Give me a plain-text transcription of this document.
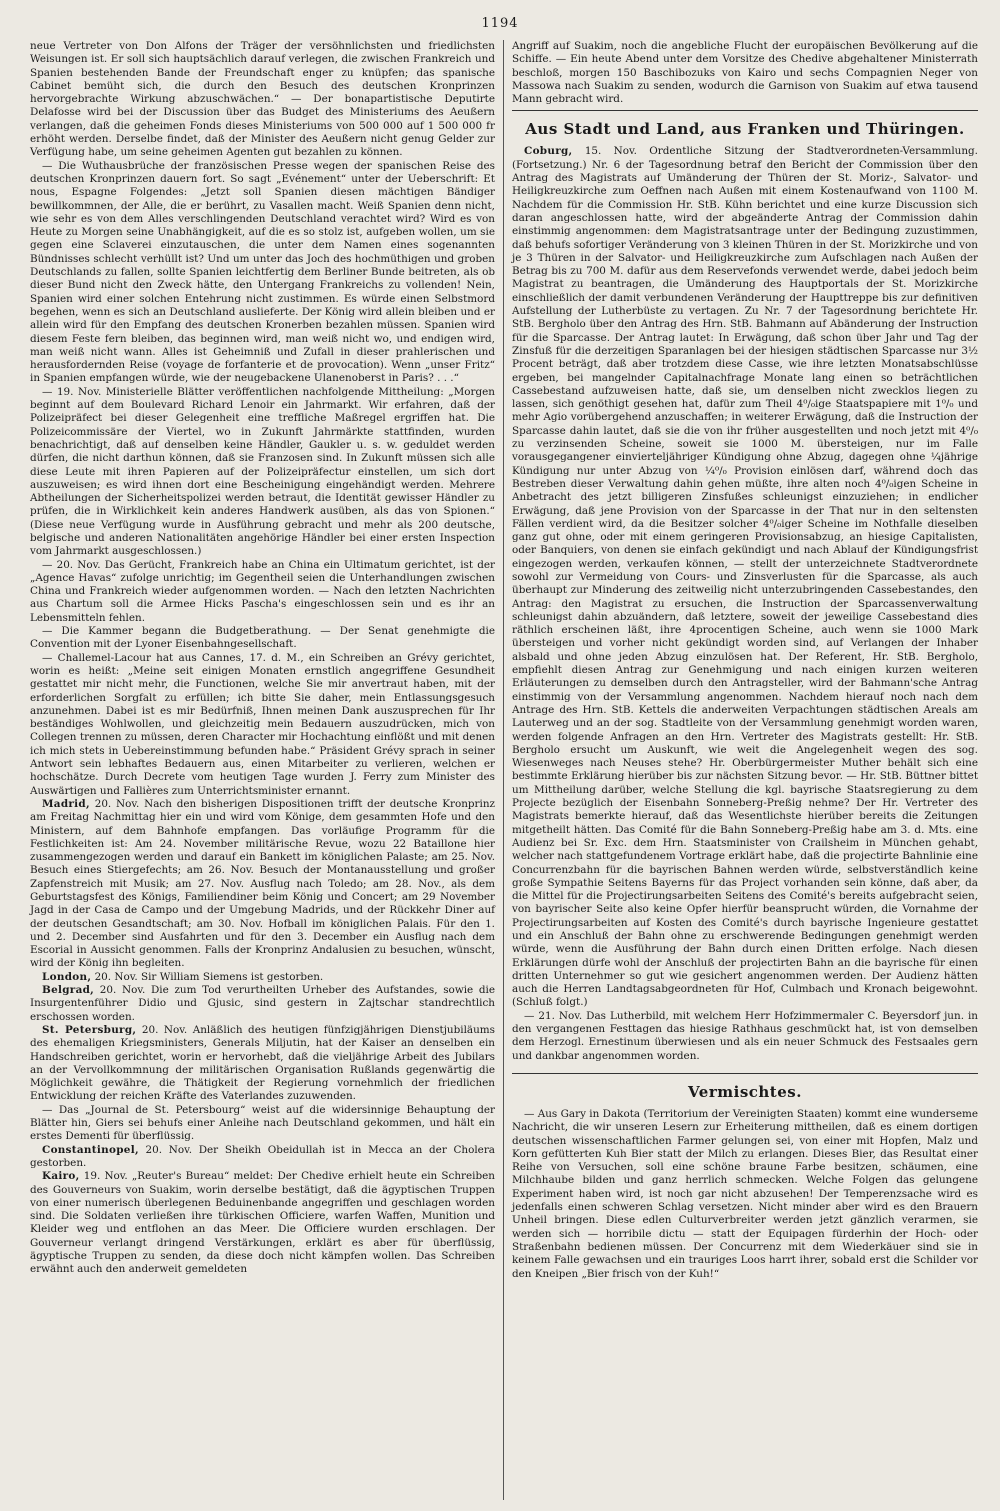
1194

neue Vertreter von Don Alfons der Träger der versöhnlichsten und friedlichsten Weisungen ist. Er soll sich hauptsächlich darauf verlegen, die zwischen Frankreich und Spanien bestehenden Bande der Freundschaft enger zu knüpfen; das spanische Cabinet bemüht sich, die durch den Besuch des deutschen Kronprinzen hervorgebrachte Wirkung abzuschwächen.“ — Der bonapartistische Deputirte Delafosse wird bei der Discussion über das Budget des Ministeriums des Aeußern verlangen, daß die geheimen Fonds dieses Ministeriums von 500 000 auf 1 500 000 fr erhöht werden. Derselbe findet, daß der Minister des Aeußern nicht genug Gelder zur Verfügung habe, um seine geheimen Agenten gut bezahlen zu können.

— Die Wuthausbrüche der französischen Presse wegen der spanischen Reise des deutschen Kronprinzen dauern fort. So sagt „Evénement“ unter der Ueberschrift: Et nous, Espagne Folgendes: „Jetzt soll Spanien diesen mächtigen Bändiger bewillkommnen, der Alle, die er berührt, zu Vasallen macht. Weiß Spanien denn nicht, wie sehr es von dem Alles verschlingenden Deutschland verachtet wird? Wird es von Heute zu Morgen seine Unabhängigkeit, auf die es so stolz ist, aufgeben wollen, um sie gegen eine Sclaverei einzutauschen, die unter dem Namen eines sogenannten Bündnisses schlecht verhüllt ist? Und um unter das Joch des hochmüthigen und groben Deutschlands zu fallen, sollte Spanien leichtfertig dem Berliner Bunde beitreten, als ob dieser Bund nicht den Zweck hätte, den Untergang Frankreichs zu vollenden! Nein, Spanien wird einer solchen Entehrung nicht zustimmen. Es würde einen Selbstmord begehen, wenn es sich an Deutschland auslieferte. Der König wird allein bleiben und er allein wird für den Empfang des deutschen Kronerben bezahlen müssen. Spanien wird diesem Feste fern bleiben, das beginnen wird, man weiß nicht wo, und endigen wird, man weiß nicht wann. Alles ist Geheimniß und Zufall in dieser prahlerischen und herausfordernden Reise (voyage de forfanterie et de provocation). Wenn „unser Fritz“ in Spanien empfangen würde, wie der neugebackene Ulanenoberst in Paris? . . .“

— 19. Nov. Ministerielle Blätter veröffentlichen nachfolgende Mittheilung: „Morgen beginnt auf dem Boulevard Richard Lenoir ein Jahrmarkt. Wir erfahren, daß der Polizeipräfect bei dieser Gelegenheit eine treffliche Maßregel ergriffen hat. Die Polizeicommissäre der Viertel, wo in Zukunft Jahrmärkte stattfinden, wurden benachrichtigt, daß auf denselben keine Händler, Gaukler u. s. w. geduldet werden dürfen, die nicht darthun können, daß sie Franzosen sind. In Zukunft müssen sich alle diese Leute mit ihren Papieren auf der Polizeipräfectur einstellen, um sich dort auszuweisen; es wird ihnen dort eine Bescheinigung eingehändigt werden. Mehrere Abtheilungen der Sicherheitspolizei werden betraut, die Identität gewisser Händler zu prüfen, die in Wirklichkeit kein anderes Handwerk ausüben, als das von Spionen.“ (Diese neue Verfügung wurde in Ausführung gebracht und mehr als 200 deutsche, belgische und anderen Nationalitäten angehörige Händler bei einer ersten Inspection vom Jahrmarkt ausgeschlossen.)

— 20. Nov. Das Gerücht, Frankreich habe an China ein Ultimatum gerichtet, ist der „Agence Havas“ zufolge unrichtig; im Gegentheil seien die Unterhandlungen zwischen China und Frankreich wieder aufgenommen worden. — Nach den letzten Nachrichten aus Chartum soll die Armee Hicks Pascha's eingeschlossen sein und es ihr an Lebensmitteln fehlen.

— Die Kammer begann die Budgetberathung. — Der Senat genehmigte die Convention mit der Lyoner Eisenbahngesellschaft.

— Challemel-Lacour hat aus Cannes, 17. d. M., ein Schreiben an Grévy gerichtet, worin es heißt: „Meine seit einigen Monaten ernstlich angegriffene Gesundheit gestattet mir nicht mehr, die Functionen, welche Sie mir anvertraut haben, mit der erforderlichen Sorgfalt zu erfüllen; ich bitte Sie daher, mein Entlassungsgesuch anzunehmen. Dabei ist es mir Bedürfniß, Ihnen meinen Dank auszusprechen für Ihr beständiges Wohlwollen, und gleichzeitig mein Bedauern auszudrücken, mich von Collegen trennen zu müssen, deren Character mir Hochachtung einflößt und mit denen ich mich stets in Uebereinstimmung befunden habe.“ Präsident Grévy sprach in seiner Antwort sein lebhaftes Bedauern aus, einen Mitarbeiter zu verlieren, welchen er hochschätze. Durch Decrete vom heutigen Tage wurden J. Ferry zum Minister des Auswärtigen und Fallières zum Unterrichtsminister ernannt.

Madrid, 20. Nov. Nach den bisherigen Dispositionen trifft der deutsche Kronprinz am Freitag Nachmittag hier ein und wird vom Könige, dem gesammten Hofe und den Ministern, auf dem Bahnhofe empfangen. Das vorläufige Programm für die Festlichkeiten ist: Am 24. November militärische Revue, wozu 22 Bataillone hier zusammengezogen werden und darauf ein Bankett im königlichen Palaste; am 25. Nov. Besuch eines Stiergefechts; am 26. Nov. Besuch der Montanausstellung und großer Zapfenstreich mit Musik; am 27. Nov. Ausflug nach Toledo; am 28. Nov., als dem Geburtstagsfest des Königs, Familiendiner beim König und Concert; am 29 November Jagd in der Casa de Campo und der Umgebung Madrids, und der Rückkehr Diner auf der deutschen Gesandtschaft; am 30. Nov. Hofball im königlichen Palais. Für den 1. und 2. December sind Ausfahrten und für den 3. December ein Ausflug nach dem Escorial in Aussicht genommen. Falls der Kronprinz Andalusien zu besuchen, wünscht, wird der König ihn begleiten.

London, 20. Nov. Sir William Siemens ist gestorben.

Belgrad, 20. Nov. Die zum Tod verurtheilten Urheber des Aufstandes, sowie die Insurgentenführer Didio und Gjusic, sind gestern in Zajtschar standrechtlich erschossen worden.

St. Petersburg, 20. Nov. Anläßlich des heutigen fünfzigjährigen Dienstjubiläums des ehemaligen Kriegsministers, Generals Miljutin, hat der Kaiser an denselben ein Handschreiben gerichtet, worin er hervorhebt, daß die vieljährige Arbeit des Jubilars an der Vervollkommnung der militärischen Organisation Rußlands gegenwärtig die Möglichkeit gewähre, die Thätigkeit der Regierung vornehmlich der friedlichen Entwicklung der reichen Kräfte des Vaterlandes zuzuwenden.

— Das „Journal de St. Petersbourg“ weist auf die widersinnige Behauptung der Blätter hin, Giers sei behufs einer Anleihe nach Deutschland gekommen, und hält ein erstes Dementi für überflüssig.

Constantinopel, 20. Nov. Der Sheikh Obeidullah ist in Mecca an der Cholera gestorben.

Kairo, 19. Nov. „Reuter's Bureau“ meldet: Der Chedive erhielt heute ein Schreiben des Gouverneurs von Suakim, worin derselbe bestätigt, daß die ägyptischen Truppen von einer numerisch überlegenen Beduinenbande angegriffen und geschlagen worden sind. Die Soldaten verließen ihre türkischen Officiere, warfen Waffen, Munition und Kleider weg und entflohen an das Meer. Die Officiere wurden erschlagen. Der Gouverneur verlangt dringend Verstärkungen, erklärt es aber für überflüssig, ägyptische Truppen zu senden, da diese doch nicht kämpfen wollen. Das Schreiben erwähnt auch den anderweit gemeldeten

Angriff auf Suakim, noch die angebliche Flucht der europäischen Bevölkerung auf die Schiffe. — Ein heute Abend unter dem Vorsitze des Chedive abgehaltener Ministerrath beschloß, morgen 150 Baschibozuks von Kairo und sechs Compagnien Neger von Massowa nach Suakim zu senden, wodurch die Garnison von Suakim auf etwa tausend Mann gebracht wird.

Aus Stadt und Land, aus Franken und Thüringen.

Coburg, 15. Nov. Ordentliche Sitzung der Stadtverordneten-Versammlung. (Fortsetzung.) Nr. 6 der Tagesordnung betraf den Bericht der Commission über den Antrag des Magistrats auf Umänderung der Thüren der St. Moriz-, Salvator- und Heiligkreuzkirche zum Oeffnen nach Außen mit einem Kostenaufwand von 1100 M. Nachdem für die Commission Hr. StB. Kühn berichtet und eine kurze Discussion sich daran angeschlossen hatte, wird der abgeänderte Antrag der Commission dahin einstimmig angenommen: dem Magistratsantrage unter der Bedingung zuzustimmen, daß behufs sofortiger Veränderung von 3 kleinen Thüren in der St. Morizkirche und von je 3 Thüren in der Salvator- und Heiligkreuzkirche zum Aufschlagen nach Außen der Betrag bis zu 700 M. dafür aus dem Reservefonds verwendet werde, dabei jedoch beim Magistrat zu beantragen, die Umänderung des Hauptportals der St. Morizkirche einschließlich der damit verbundenen Veränderung der Haupttreppe bis zur definitiven Aufstellung der Lutherbüste zu vertagen. Zu Nr. 7 der Tagesordnung berichtete Hr. StB. Bergholo über den Antrag des Hrn. StB. Bahmann auf Abänderung der Instruction für die Sparcasse. Der Antrag lautet: In Erwägung, daß schon über Jahr und Tag der Zinsfuß für die derzeitigen Sparanlagen bei der hiesigen städtischen Sparcasse nur 3½ Procent beträgt, daß aber trotzdem diese Casse, wie ihre letzten Monatsabschlüsse ergeben, bei mangelnder Capitalnachfrage Monate lang einen so beträchtlichen Cassebestand aufzuweisen hatte, daß sie, um denselben nicht zwecklos liegen zu lassen, sich genöthigt gesehen hat, dafür zum Theil 4⁰/₀ige Staatspapiere mit 1⁰/₀ und mehr Agio vorübergehend anzuschaffen; in weiterer Erwägung, daß die Instruction der Sparcasse dahin lautet, daß sie die von ihr früher ausgestellten und noch jetzt mit 4⁰/₀ zu verzinsenden Scheine, soweit sie 1000 M. übersteigen, nur im Falle vorausgegangener einvierteljähriger Kündigung ohne Abzug, dagegen ohne ¼jährige Kündigung nur unter Abzug von ¼⁰/₀ Provision einlösen darf, während doch das Bestreben dieser Verwaltung dahin gehen müßte, ihre alten noch 4⁰/₀igen Scheine in Anbetracht des jetzt billigeren Zinsfußes schleunigst einzuziehen; in endlicher Erwägung, daß jene Provision von der Sparcasse in der That nur in den seltensten Fällen verdient wird, da die Besitzer solcher 4⁰/₀iger Scheine im Nothfalle dieselben ganz gut ohne, oder mit einem geringeren Provisionsabzug, an hiesige Capitalisten, oder Banquiers, von denen sie einfach gekündigt und nach Ablauf der Kündigungsfrist eingezogen werden, verkaufen können, — stellt der unterzeichnete Stadtverordnete sowohl zur Vermeidung von Cours- und Zinsverlusten für die Sparcasse, als auch überhaupt zur Minderung des zeitweilig nicht unterzubringenden Cassebestandes, den Antrag: den Magistrat zu ersuchen, die Instruction der Sparcassenverwaltung schleunigst dahin abzuändern, daß letztere, soweit der jeweilige Cassebestand dies räthlich erscheinen läßt, ihre 4procentigen Scheine, auch wenn sie 1000 Mark übersteigen und vorher nicht gekündigt worden sind, auf Verlangen der Inhaber alsbald und ohne jeden Abzug einzulösen hat. Der Referent, Hr. StB. Bergholo, empfiehlt diesen Antrag zur Genehmigung und nach einigen kurzen weiteren Erläuterungen zu demselben durch den Antragsteller, wird der Bahmann'sche Antrag einstimmig von der Versammlung angenommen. Nachdem hierauf noch nach dem Antrage des Hrn. StB. Kettels die anderweiten Verpachtungen städtischen Areals am Lauterweg und an der sog. Stadtleite von der Versammlung genehmigt worden waren, werden folgende Anfragen an den Hrn. Vertreter des Magistrats gestellt: Hr. StB. Bergholo ersucht um Auskunft, wie weit die Angelegenheit wegen des sog. Wiesenweges nach Neuses stehe? Hr. Oberbürgermeister Muther behält sich eine bestimmte Erklärung hierüber bis zur nächsten Sitzung bevor. — Hr. StB. Büttner bittet um Mittheilung darüber, welche Stellung die kgl. bayrische Staatsregierung zu dem Projecte bezüglich der Eisenbahn Sonneberg-Preßig nehme? Der Hr. Vertreter des Magistrats bemerkte hierauf, daß das Wesentlichste hierüber bereits die Zeitungen mitgetheilt hätten. Das Comité für die Bahn Sonneberg-Preßig habe am 3. d. Mts. eine Audienz bei Sr. Exc. dem Hrn. Staatsminister von Crailsheim in München gehabt, welcher nach stattgefundenem Vortrage erklärt habe, daß die projectirte Bahnlinie eine Concurrenzbahn für die bayrischen Bahnen werden würde, selbstverständlich keine große Sympathie Seitens Bayerns für das Project vorhanden sein könne, daß aber, da die Mittel für die Projectirungsarbeiten Seitens des Comité's bereits aufgebracht seien, von bayrischer Seite also keine Opfer hierfür beansprucht würden, die Vornahme der Projectirungsarbeiten auf Kosten des Comité's durch bayrische Ingenieure gestattet und ein Anschluß der Bahn ohne zu erschwerende Bedingungen genehmigt werden würde, wenn die Ausführung der Bahn durch einen Dritten erfolge. Nach diesen Erklärungen dürfe wohl der Anschluß der projectirten Bahn an die bayrische für einen dritten Unternehmer so gut wie gesichert angenommen werden. Der Audienz hätten auch die Herren Landtagsabgeordneten für Hof, Culmbach und Kronach beigewohnt. (Schluß folgt.)

— 21. Nov. Das Lutherbild, mit welchem Herr Hofzimmermaler C. Beyersdorf jun. in den vergangenen Festtagen das hiesige Rathhaus geschmückt hat, ist von demselben dem Herzogl. Ernestinum überwiesen und als ein neuer Schmuck des Festsaales gern und dankbar angenommen worden.

Vermischtes.

— Aus Gary in Dakota (Territorium der Vereinigten Staaten) kommt eine wunderseme Nachricht, die wir unseren Lesern zur Erheiterung mittheilen, daß es einem dortigen deutschen wissenschaftlichen Farmer gelungen sei, von einer mit Hopfen, Malz und Korn gefütterten Kuh Bier statt der Milch zu erlangen. Dieses Bier, das Resultat einer Reihe von Versuchen, soll eine schöne braune Farbe besitzen, schäumen, eine Milchhaube bilden und ganz herrlich schmecken. Welche Folgen das gelungene Experiment haben wird, ist noch gar nicht abzusehen! Der Temperenzsache wird es jedenfalls einen schweren Schlag versetzen. Nicht minder aber wird es den Brauern Unheil bringen. Diese edlen Culturverbreiter werden jetzt gänzlich verarmen, sie werden sich — horribile dictu — statt der Equipagen fürderhin der Hoch- oder Straßenbahn bedienen müssen. Der Concurrenz mit dem Wiederkäuer sind sie in keinem Falle gewachsen und ein trauriges Loos harrt ihrer, sobald erst die Schilder vor den Kneipen „Bier frisch von der Kuh!“
